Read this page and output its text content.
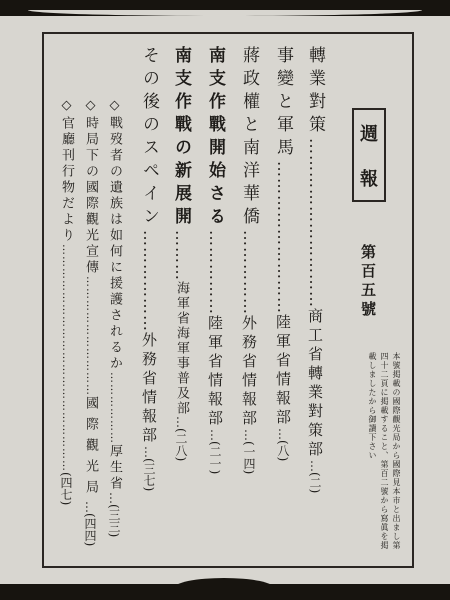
週
報
第百五號
本號掲載の國際觀光局から國際見本市と出まし第四十二頁に掲載すること、第百二號から寫眞を掲載しましたから御讀下さい
轉業對策…………………………商工省轉業對策部…(二)
事變と軍馬………………………陸軍省情報部…(八)
蔣政權と南洋華僑……………外務省情報部…(一四)
南支作戰開始さる……………陸軍省情報部…(二一)
南支作戰の新展開………海軍省海軍事普及部…(二八)
その後のスペイン………………外務省情報部…(三七)
◇戰歿者の遺族は如何に援護されるか………………厚生省…(三三)
◇時局下の國際觀光宣傳…………………………國際觀光局…(四四)
◇官廳刊行物だより…………………………………………………(四七)
